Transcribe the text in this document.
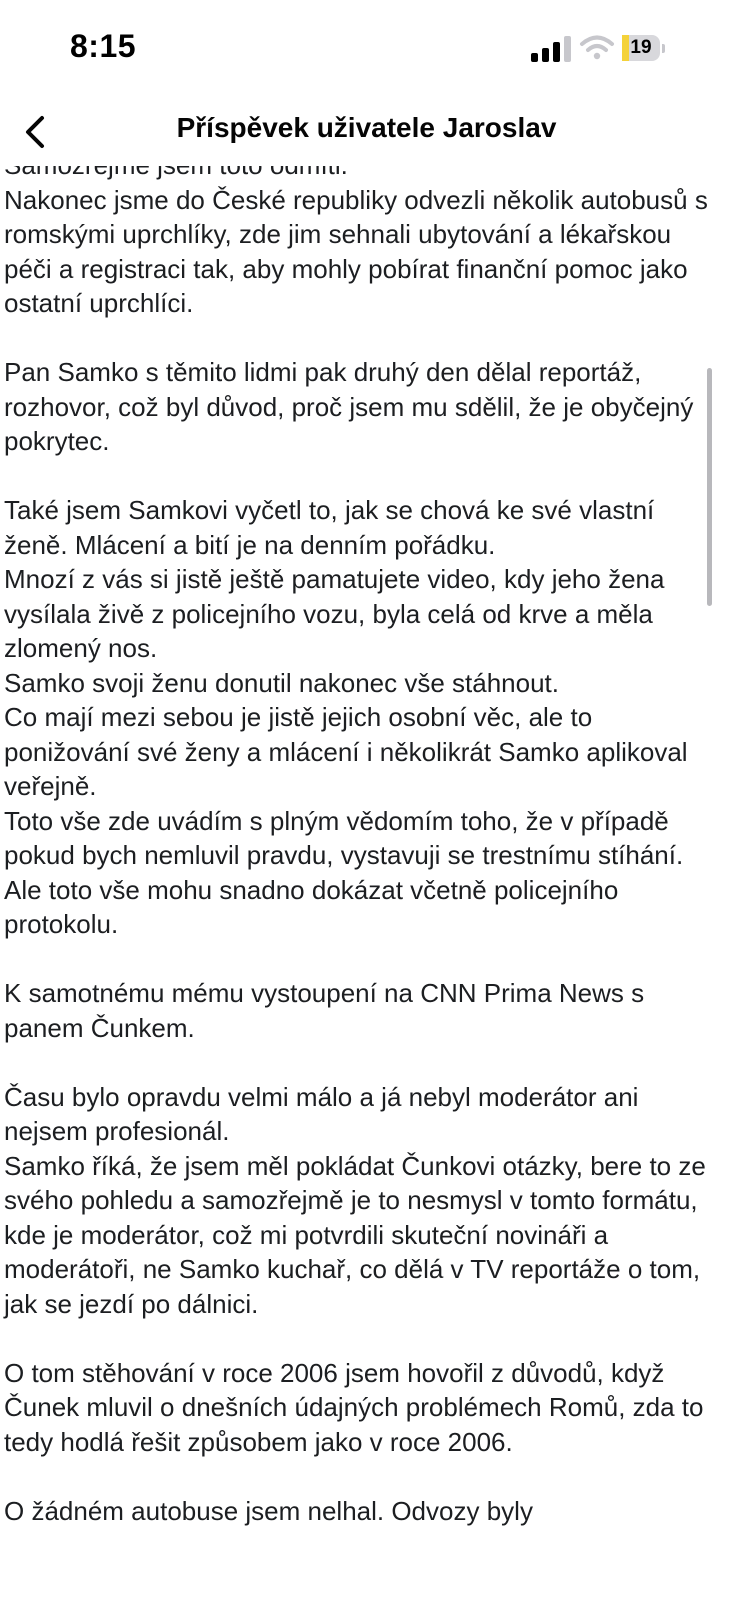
8:15	19
Příspěvek uživatele Jaroslav

Nakonec jsme do České republiky odvezli několik autobusů s romskými uprchlíky, zde jim sehnali ubytování a lékařskou péči a registraci tak, aby mohly pobírat finanční pomoc jako ostatní uprchlíci.

Pan Samko s těmito lidmi pak druhý den dělal reportáž, rozhovor, což byl důvod, proč jsem mu sdělil, že je obyčejný pokrytec.

Také jsem Samkovi vyčetl to, jak se chová ke své vlastní ženě. Mlácení a bití je na denním pořádku.
Mnozí z vás si jistě ještě pamatujete video, kdy jeho žena vysílala živě z policejního vozu, byla celá od krve a měla zlomený nos.
Samko svoji ženu donutil nakonec vše stáhnout.
Co mají mezi sebou je jistě jejich osobní věc, ale to ponižování své ženy a mlácení i několikrát Samko aplikoval veřejně.
Toto vše zde uvádím s plným vědomím toho, že v případě pokud bych nemluvil pravdu, vystavuji se trestnímu stíhání. Ale toto vše mohu snadno dokázat včetně policejního protokolu.

K samotnému mému vystoupení na CNN Prima News s panem Čunkem.

Času bylo opravdu velmi málo a já nebyl moderátor ani nejsem profesionál.
Samko říká, že jsem měl pokládat Čunkovi otázky, bere to ze svého pohledu a samozřejmě je to nesmysl v tomto formátu, kde je moderátor, což mi potvrdili skuteční novináři a moderátoři, ne Samko kuchař, co dělá v TV reportáže o tom, jak se jezdí po dálnici.

O tom stěhování v roce 2006 jsem hovořil z důvodů, když Čunek mluvil o dnešních údajných problémech Romů, zda to tedy hodlá řešit způsobem jako v roce 2006.

O žádném autobuse jsem nelhal. Odvozy byly
